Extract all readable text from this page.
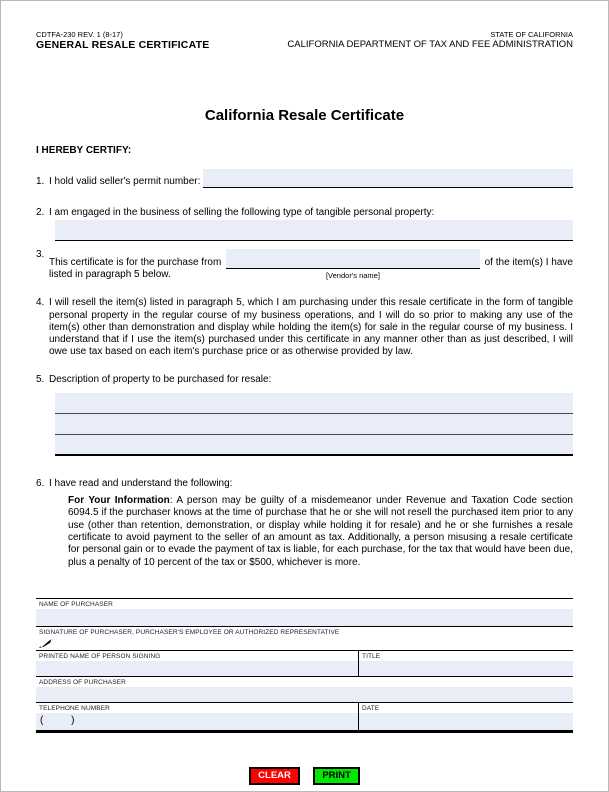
CDTFA-230 REV. 1 (8-17)
GENERAL RESALE CERTIFICATE
STATE OF CALIFORNIA
CALIFORNIA DEPARTMENT OF TAX AND FEE ADMINISTRATION
California Resale Certificate
I HEREBY CERTIFY:
1. I hold valid seller's permit number:
2. I am engaged in the business of selling the following type of tangible personal property:
3.
This certificate is for the purchase from	of the item(s) I have
listed in paragraph 5 below.	[Vendor's name]
4. I will resell the item(s) listed in paragraph 5, which I am purchasing under this resale certificate in the form of tangible personal property in the regular course of my business operations, and I will do so prior to making any use of the item(s) other than demonstration and display while holding the item(s) for sale in the regular course of my business. I understand that if I use the item(s) purchased under this certificate in any manner other than as just described, I will owe use tax based on each item's purchase price or as otherwise provided by law.
5. Description of property to be purchased for resale:
6. I have read and understand the following:

For Your Information: A person may be guilty of a misdemeanor under Revenue and Taxation Code section 6094.5 if the purchaser knows at the time of purchase that he or she will not resell the purchased item prior to any use (other than retention, demonstration, or display while holding it for resale) and he or she furnishes a resale certificate to avoid payment to the seller of an amount as tax. Additionally, a person misusing a resale certificate for personal gain or to evade the payment of tax is liable, for each purchase, for the tax that would have been due, plus a penalty of 10 percent of the tax or $500, whichever is more.

NAME OF PURCHASER
SIGNATURE OF PURCHASER, PURCHASER'S EMPLOYEE OR AUTHORIZED REPRESENTATIVE
PRINTED NAME OF PERSON SIGNING	TITLE
ADDRESS OF PURCHASER
TELEPHONE NUMBER
(          )
DATE
CLEAR	PRINT
